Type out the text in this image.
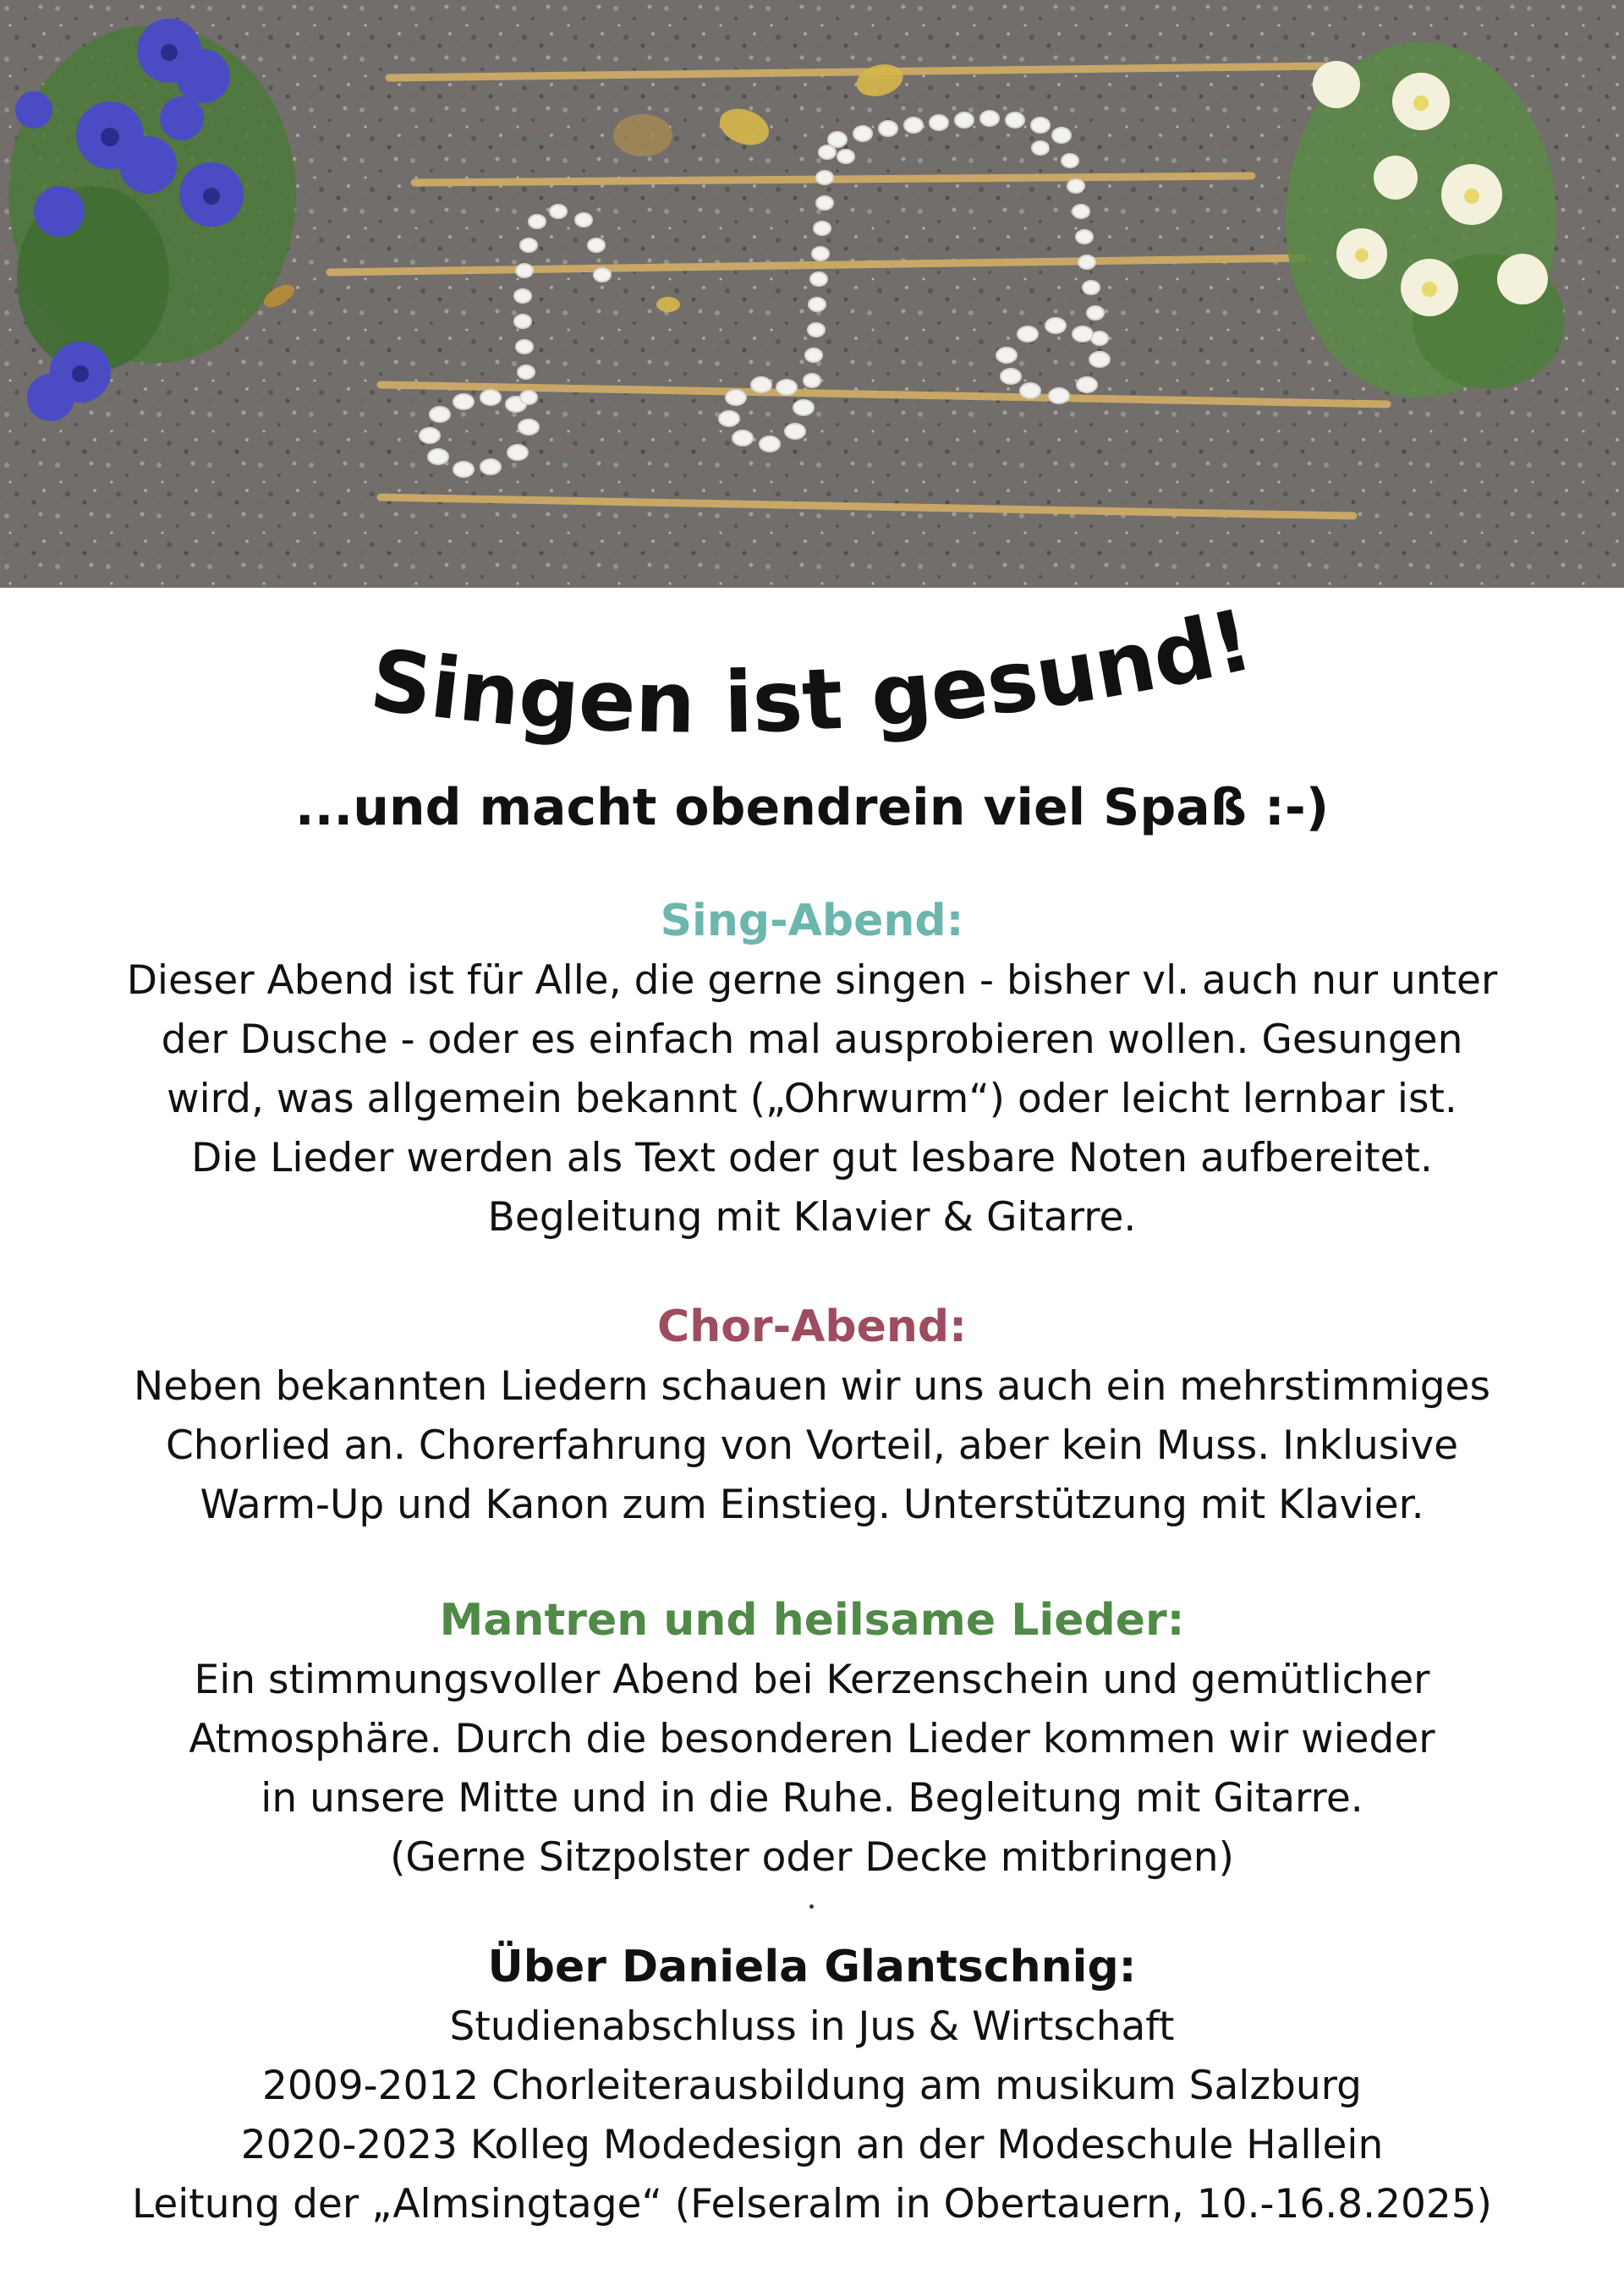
Singen ist gesund!
...und macht obendrein viel Spaß :-)
Sing-Abend:

Dieser Abend ist für Alle, die gerne singen - bisher vl. auch nur unter

der Dusche - oder es einfach mal ausprobieren wollen. Gesungen

wird, was allgemein bekannt („Ohrwurm“) oder leicht lernbar ist.

Die Lieder werden als Text oder gut lesbare Noten aufbereitet.

Begleitung mit Klavier & Gitarre.

Chor-Abend:

Neben bekannten Liedern schauen wir uns auch ein mehrstimmiges

Chorlied an. Chorerfahrung von Vorteil, aber kein Muss. Inklusive

Warm-Up und Kanon zum Einstieg. Unterstützung mit Klavier.

Mantren und heilsame Lieder:

Ein stimmungsvoller Abend bei Kerzenschein und gemütlicher

Atmosphäre. Durch die besonderen Lieder kommen wir wieder

in unsere Mitte und in die Ruhe. Begleitung mit Gitarre.

(Gerne Sitzpolster oder Decke mitbringen)

Über Daniela Glantschnig:

Studienabschluss in Jus & Wirtschaft

2009-2012 Chorleiterausbildung am musikum Salzburg

2020-2023 Kolleg Modedesign an der Modeschule Hallein

Leitung der „Almsingtage“ (Felseralm in Obertauern, 10.-16.8.2025)
